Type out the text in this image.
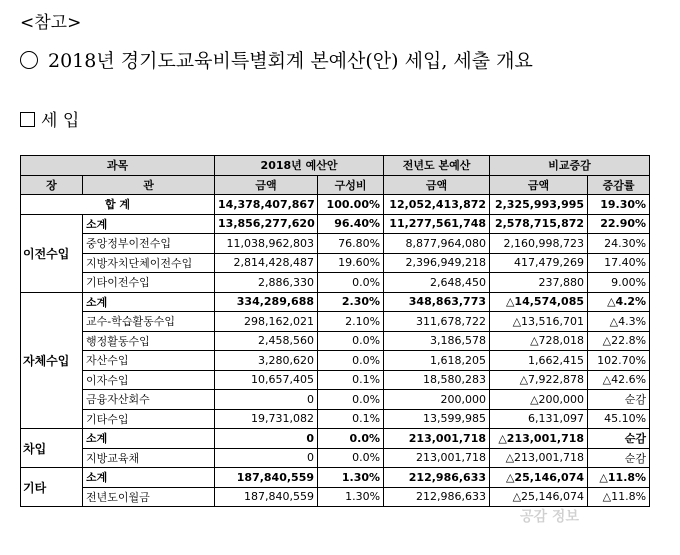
<참고>
2018년 경기도교육비특별회계 본예산(안) 세입, 세출 개요
세 입
과목		2018년 예산안		전년도 본예산	비교증감	
장	관	금액	구성비	금액	금액	증감률
합 계		14,378,407,867	100.00%	12,052,413,872	2,325,993,995	19.30%
이전수입	소계	13,856,277,620	96.40%	11,277,561,748	2,578,715,872	22.90%
	중앙정부이전수입	11,038,962,803	76.80%	8,877,964,080	2,160,998,723	24.30%
	지방자치단체이전수입	2,814,428,487	19.60%	2,396,949,218	417,479,269	17.40%
	기타이전수입	2,886,330	0.0%	2,648,450	237,880	9.00%
자체수입	소계	334,289,688	2.30%	348,863,773	△14,574,085	△4.2%
	교수-학습활동수입	298,162,021	2.10%	311,678,722	△13,516,701	△4.3%
	행정활동수입	2,458,560	0.0%	3,186,578	△728,018	△22.8%
	자산수입	3,280,620	0.0%	1,618,205	1,662,415	102.70%
	이자수입	10,657,405	0.1%	18,580,283	△7,922,878	△42.6%
	금융자산회수	0	0.0%	200,000	△200,000	순감
	기타수입	19,731,082	0.1%	13,599,985	6,131,097	45.10%
차입	소계	0	0.0%	213,001,718	△213,001,718	순감
	지방교육채	0	0.0%	213,001,718	△213,001,718	순감
기타	소계	187,840,559	1.30%	212,986,633	△25,146,074	△11.8%
	전년도이월금	187,840,559	1.30%	212,986,633	△25,146,074	△11.8%
공감 정보
